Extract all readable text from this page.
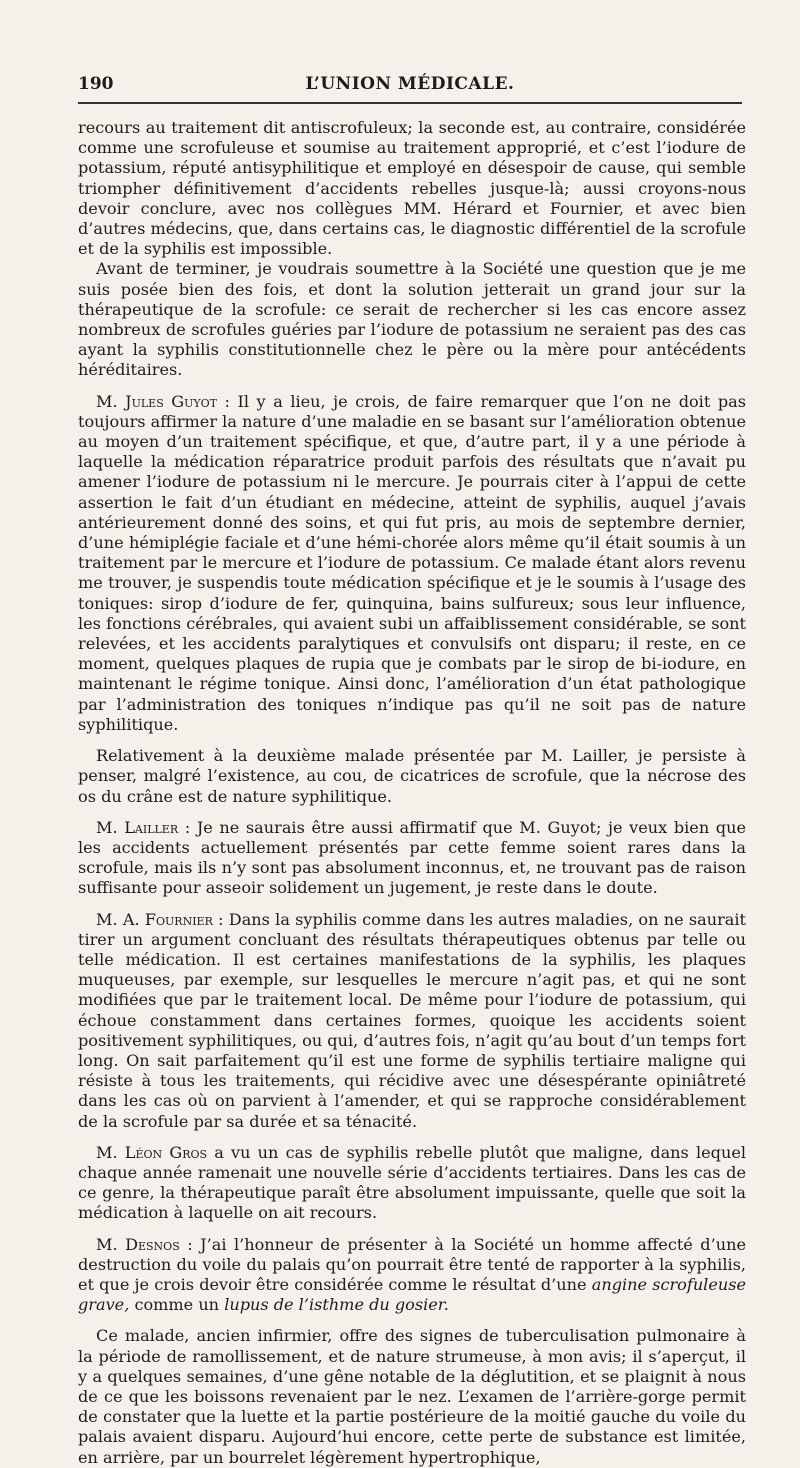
190	L’UNION MÉDICALE.

recours au traitement dit antiscrofuleux; la seconde est, au contraire, considérée comme une scrofuleuse et soumise au traitement approprié, et c’est l’iodure de potassium, réputé antisyphilitique et employé en désespoir de cause, qui semble triompher définitivement d’accidents rebelles jusque-là; aussi croyons-nous devoir conclure, avec nos collègues MM. Hérard et Fournier, et avec bien d’autres médecins, que, dans certains cas, le diagnostic différentiel de la scrofule et de la syphilis est impossible.

Avant de terminer, je voudrais soumettre à la Société une question que je me suis posée bien des fois, et dont la solution jetterait un grand jour sur la thérapeutique de la scrofule: ce serait de rechercher si les cas encore assez nombreux de scrofules guéries par l’iodure de potassium ne seraient pas des cas ayant la syphilis constitutionnelle chez le père ou la mère pour antécédents héréditaires.

M. Jules Guyot : Il y a lieu, je crois, de faire remarquer que l’on ne doit pas toujours affirmer la nature d’une maladie en se basant sur l’amélioration obtenue au moyen d’un traitement spécifique, et que, d’autre part, il y a une période à laquelle la médication réparatrice produit parfois des résultats que n’avait pu amener l’iodure de potassium ni le mercure. Je pourrais citer à l’appui de cette assertion le fait d’un étudiant en médecine, atteint de syphilis, auquel j’avais antérieurement donné des soins, et qui fut pris, au mois de septembre dernier, d’une hémiplégie faciale et d’une hémi-chorée alors même qu’il était soumis à un traitement par le mercure et l’iodure de potassium. Ce malade étant alors revenu me trouver, je suspendis toute médication spécifique et je le soumis à l’usage des toniques: sirop d’iodure de fer, quinquina, bains sulfureux; sous leur influence, les fonctions cérébrales, qui avaient subi un affaiblissement considérable, se sont relevées, et les accidents paralytiques et convulsifs ont disparu; il reste, en ce moment, quelques plaques de rupia que je combats par le sirop de bi-iodure, en maintenant le régime tonique. Ainsi donc, l’amélioration d’un état pathologique par l’administration des toniques n’indique pas qu’il ne soit pas de nature syphilitique.

Relativement à la deuxième malade présentée par M. Lailler, je persiste à penser, malgré l’existence, au cou, de cicatrices de scrofule, que la nécrose des os du crâne est de nature syphilitique.

M. Lailler : Je ne saurais être aussi affirmatif que M. Guyot; je veux bien que les accidents actuellement présentés par cette femme soient rares dans la scrofule, mais ils n’y sont pas absolument inconnus, et, ne trouvant pas de raison suffisante pour asseoir solidement un jugement, je reste dans le doute.

M. A. Fournier : Dans la syphilis comme dans les autres maladies, on ne saurait tirer un argument concluant des résultats thérapeutiques obtenus par telle ou telle médication. Il est certaines manifestations de la syphilis, les plaques muqueuses, par exemple, sur lesquelles le mercure n’agit pas, et qui ne sont modifiées que par le traitement local. De même pour l’iodure de potassium, qui échoue constamment dans certaines formes, quoique les accidents soient positivement syphilitiques, ou qui, d’autres fois, n’agit qu’au bout d’un temps fort long. On sait parfaitement qu’il est une forme de syphilis tertiaire maligne qui résiste à tous les traitements, qui récidive avec une désespérante opiniâtreté dans les cas où on parvient à l’amender, et qui se rapproche considérablement de la scrofule par sa durée et sa ténacité.

M. Léon Gros a vu un cas de syphilis rebelle plutôt que maligne, dans lequel chaque année ramenait une nouvelle série d’accidents tertiaires. Dans les cas de ce genre, la thérapeutique paraît être absolument impuissante, quelle que soit la médication à laquelle on ait recours.

M. Desnos : J’ai l’honneur de présenter à la Société un homme affecté d’une destruction du voile du palais qu’on pourrait être tenté de rapporter à la syphilis, et que je crois devoir être considérée comme le résultat d’une angine scrofuleuse grave, comme un lupus de l’isthme du gosier.

Ce malade, ancien infirmier, offre des signes de tuberculisation pulmonaire à la période de ramollissement, et de nature strumeuse, à mon avis; il s’aperçut, il y a quelques semaines, d’une gêne notable de la déglutition, et se plaignit à nous de ce que les boissons revenaient par le nez. L’examen de l’arrière-gorge permit de constater que la luette et la partie postérieure de la moitié gauche du voile du palais avaient disparu. Aujourd’hui encore, cette perte de substance est limitée, en arrière, par un bourrelet légèrement hypertrophique,
